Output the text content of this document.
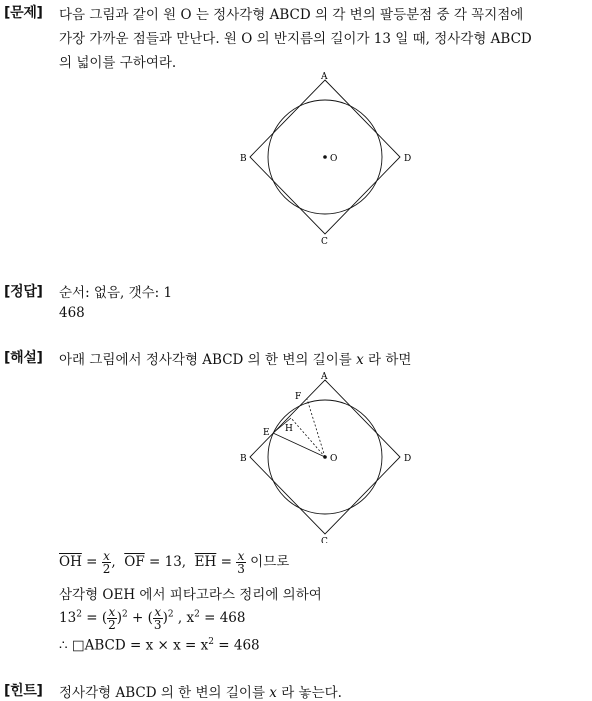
[문제] 다음 그림과 같이 원 O 는 정사각형 ABCD 의 각 변의 팔등분점 중 각 꼭지점에
가장 가까운 점들과 만난다. 원 O 의 반지름의 길이가 13 일 때, 정사각형 ABCD
의 넓이를 구하여라.
A
D
C
B	O
[정답] 순서: 없음, 갯수: 1
468
[해설] 아래 그림에서 정사각형 ABCD 의 한 변의 길이를 x 라 하면
A
D
C
B	O
F
E H
$\overline{OH} = \frac{x}{2}$ ,  $\overline{OF} = 13$, $\overline{EH} = \frac{x}{3}$ 이므로
삼각형 OEH 에서 피타고라스 정리에 의하여
$13^2$ = ( $\frac{x}{2} )^2$ + ( $\frac{x}{3} )^2$ , $x^2 = 468$
∴ □ABCD = $x \times x = x^2 = 468$
[힌트] 정사각형 ABCD 의 한 변의 길이를 x 라 놓는다.
